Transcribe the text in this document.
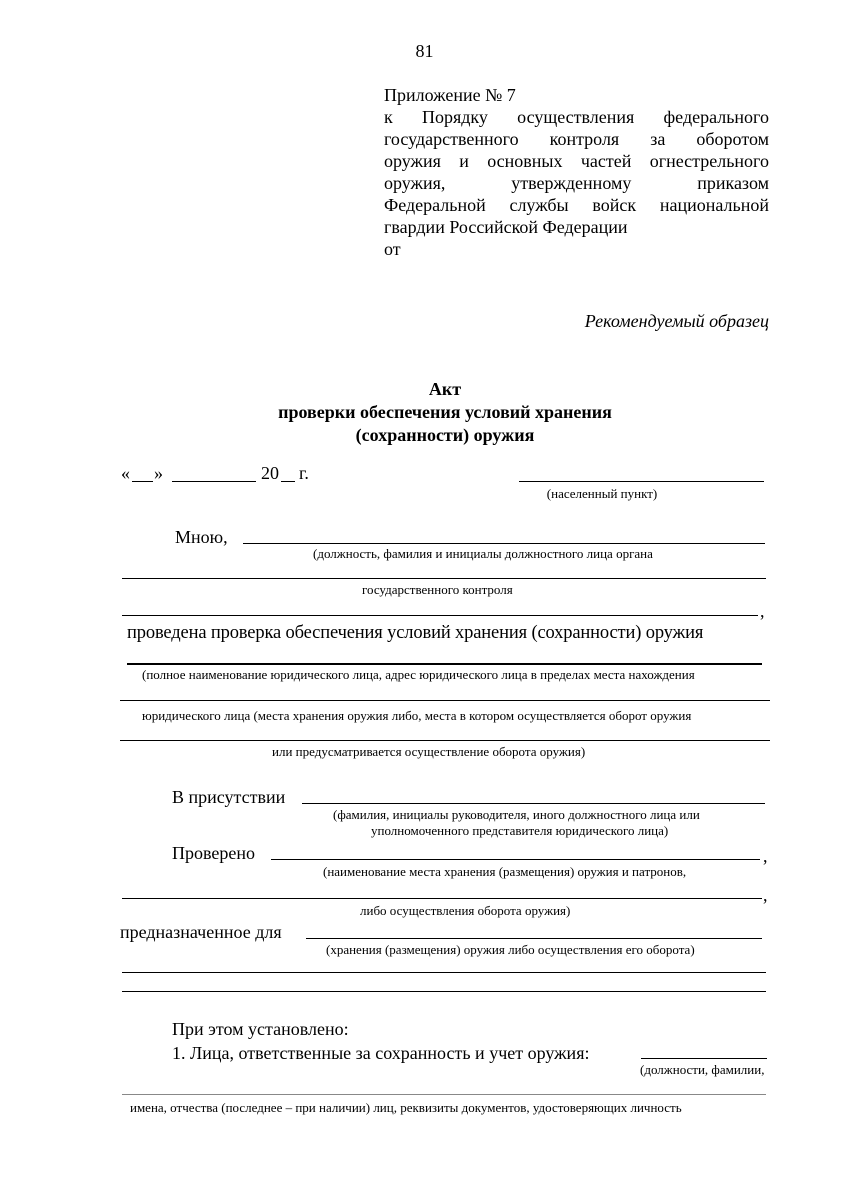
81
Приложение № 7
к Порядку осуществления федерального
государственного контроля за оборотом
оружия и основных частей огнестрельного
оружия, утвержденному приказом
Федеральной службы войск национальной
гвардии Российской Федерации
от
Рекомендуемый образец
Акт
проверки обеспечения условий хранения
(сохранности) оружия
« »	20 г.
(населенный пункт)
Мною,
(должность, фамилия и инициалы должностного лица органа
государственного контроля
,
проведена проверка обеспечения условий хранения (сохранности) оружия
(полное наименование юридического лица, адрес юридического лица в пределах места нахождения
юридического лица (места хранения оружия либо, места в котором осуществляется оборот оружия
или предусматривается осуществление оборота оружия)
В присутствии
(фамилия, инициалы руководителя, иного должностного лица или
уполномоченного представителя юридического лица)
Проверено	,
(наименование места хранения (размещения) оружия и патронов,
,
либо осуществления оборота оружия)
предназначенное для
(хранения (размещения) оружия либо осуществления его оборота)
При этом установлено:
1. Лица, ответственные за сохранность и учет оружия:
(должности, фамилии,
имена, отчества (последнее – при наличии) лиц, реквизиты документов, удостоверяющих личность
